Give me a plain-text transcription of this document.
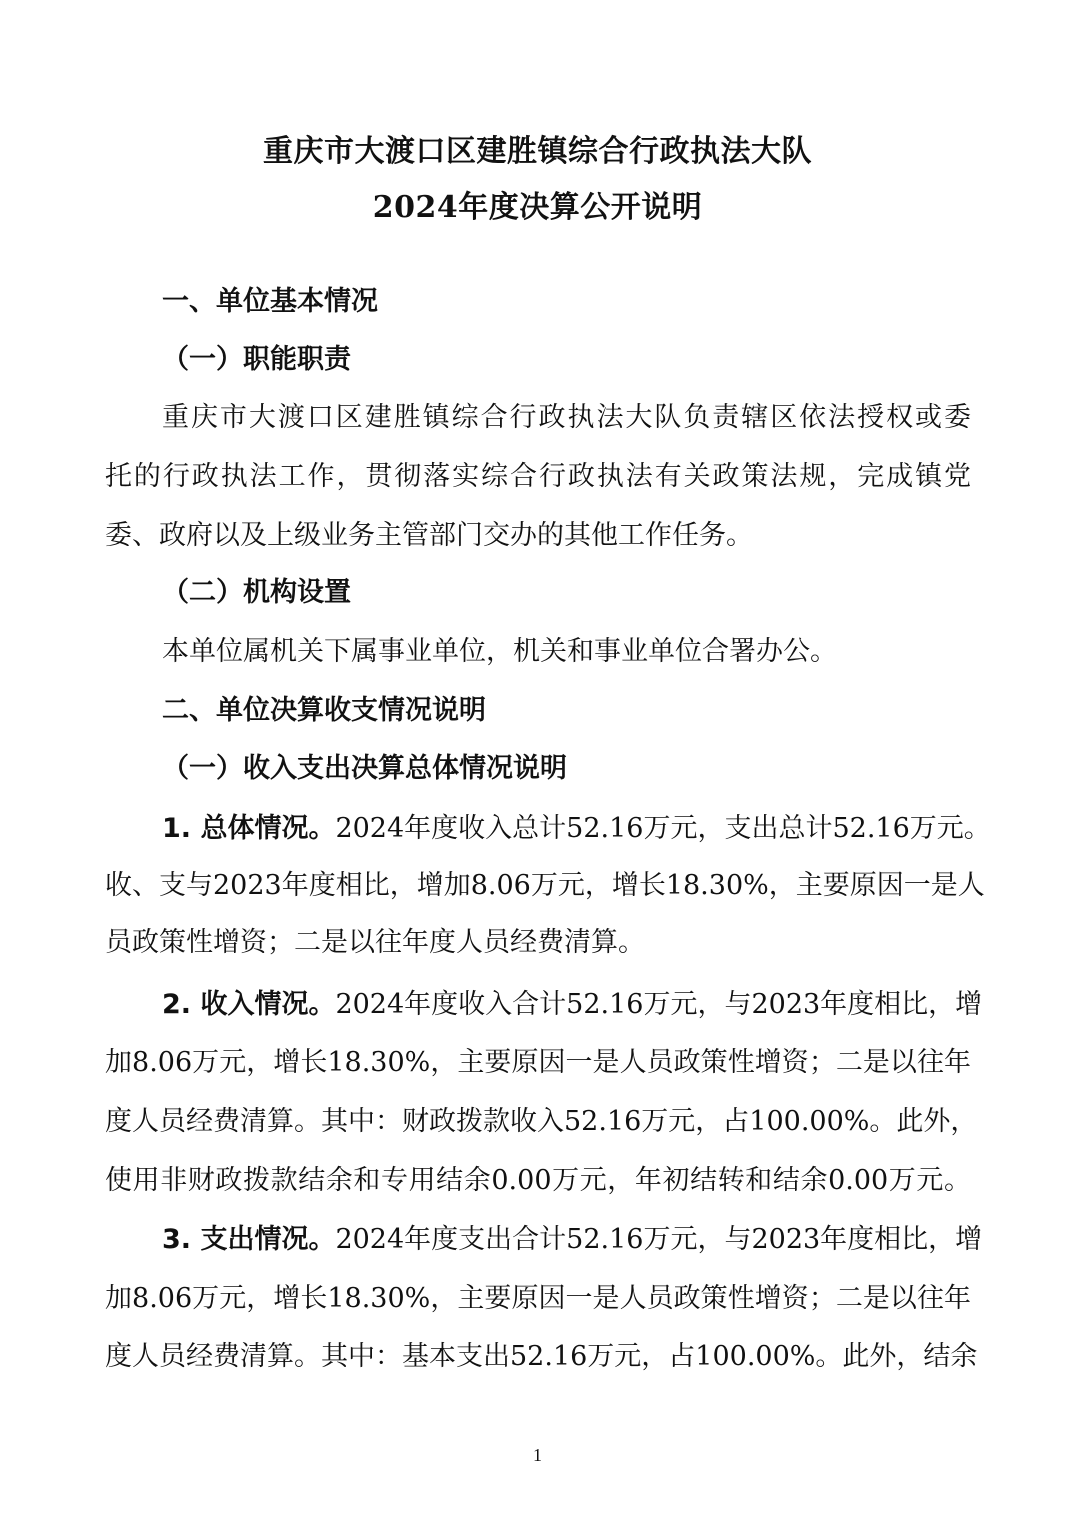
重庆市大渡口区建胜镇综合行政执法大队
2024年度决算公开说明
一、单位基本情况
（一）职能职责
重庆市大渡口区建胜镇综合行政执法大队负责辖区依法授权或委
托的行政执法工作，贯彻落实综合行政执法有关政策法规，完成镇党
委、政府以及上级业务主管部门交办的其他工作任务。
（二）机构设置
本单位属机关下属事业单位，机关和事业单位合署办公。
二、单位决算收支情况说明
（一）收入支出决算总体情况说明
1. 总体情况。2024年度收入总计52.16万元，支出总计52.16万元。
收、支与2023年度相比，增加8.06万元，增长18.30%，主要原因一是人
员政策性增资；二是以往年度人员经费清算。
2. 收入情况。2024年度收入合计52.16万元，与2023年度相比，增
加8.06万元，增长18.30%，主要原因一是人员政策性增资；二是以往年
度人员经费清算。其中：财政拨款收入52.16万元，占100.00%。此外，
使用非财政拨款结余和专用结余0.00万元，年初结转和结余0.00万元。
3. 支出情况。2024年度支出合计52.16万元，与2023年度相比，增
加8.06万元，增长18.30%，主要原因一是人员政策性增资；二是以往年
度人员经费清算。其中：基本支出52.16万元，占100.00%。此外，结余
1
